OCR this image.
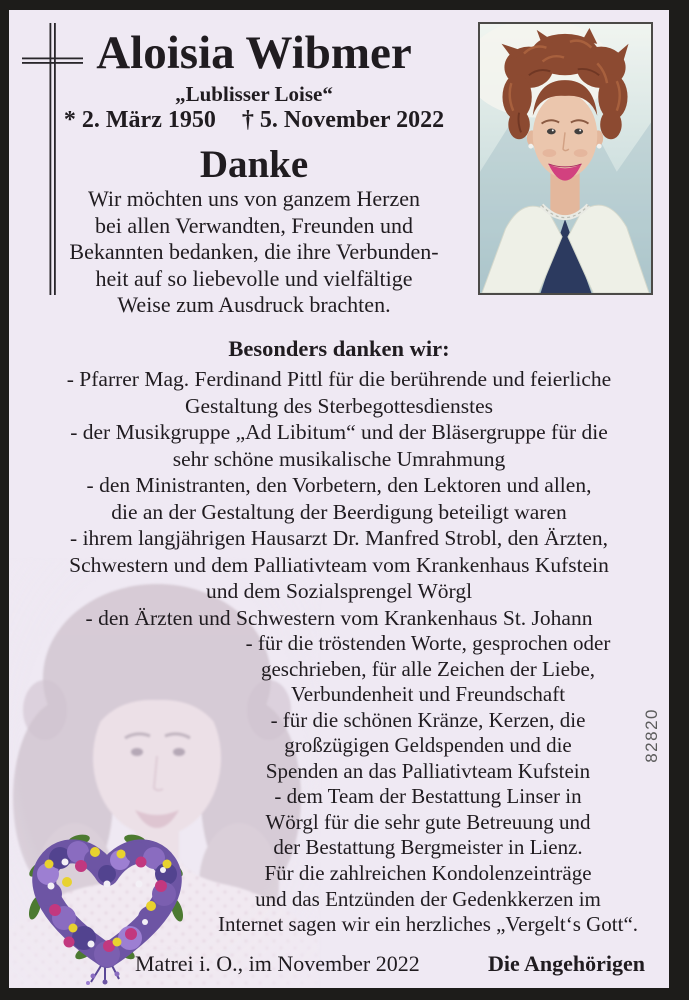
Aloisia Wibmer
„Lublisser Loise“
* 2. März 1950 † 5. November 2022
Danke
Wir möchten uns von ganzem Herzen
bei allen Verwandten, Freunden und
Bekannten bedanken, die ihre Verbunden-
heit auf so liebevolle und vielfältige
Weise zum Ausdruck brachten.
Besonders danken wir:
- Pfarrer Mag. Ferdinand Pittl für die berührende und feierliche
Gestaltung des Sterbegottesdienstes
- der Musikgruppe „Ad Libitum“ und der Bläsergruppe für die
sehr schöne musikalische Umrahmung
- den Ministranten, den Vorbetern, den Lektoren und allen,
die an der Gestaltung der Beerdigung beteiligt waren
- ihrem langjährigen Hausarzt Dr. Manfred Strobl, den Ärzten,
Schwestern und dem Palliativteam vom Krankenhaus Kufstein
und dem Sozialsprengel Wörgl
- den Ärzten und Schwestern vom Krankenhaus St. Johann
- für die tröstenden Worte, gesprochen oder
geschrieben, für alle Zeichen der Liebe,
Verbundenheit und Freundschaft
- für die schönen Kränze, Kerzen, die
großzügigen Geldspenden und die
Spenden an das Palliativteam Kufstein
- dem Team der Bestattung Linser in
Wörgl für die sehr gute Betreuung und
der Bestattung Bergmeister in Lienz.
Für die zahlreichen Kondolenzeinträge
und das Entzünden der Gedenkkerzen im
Internet sagen wir ein herzliches „Vergelt‘s Gott“.
Matrei i. O., im November 2022	Die Angehörigen
82820
